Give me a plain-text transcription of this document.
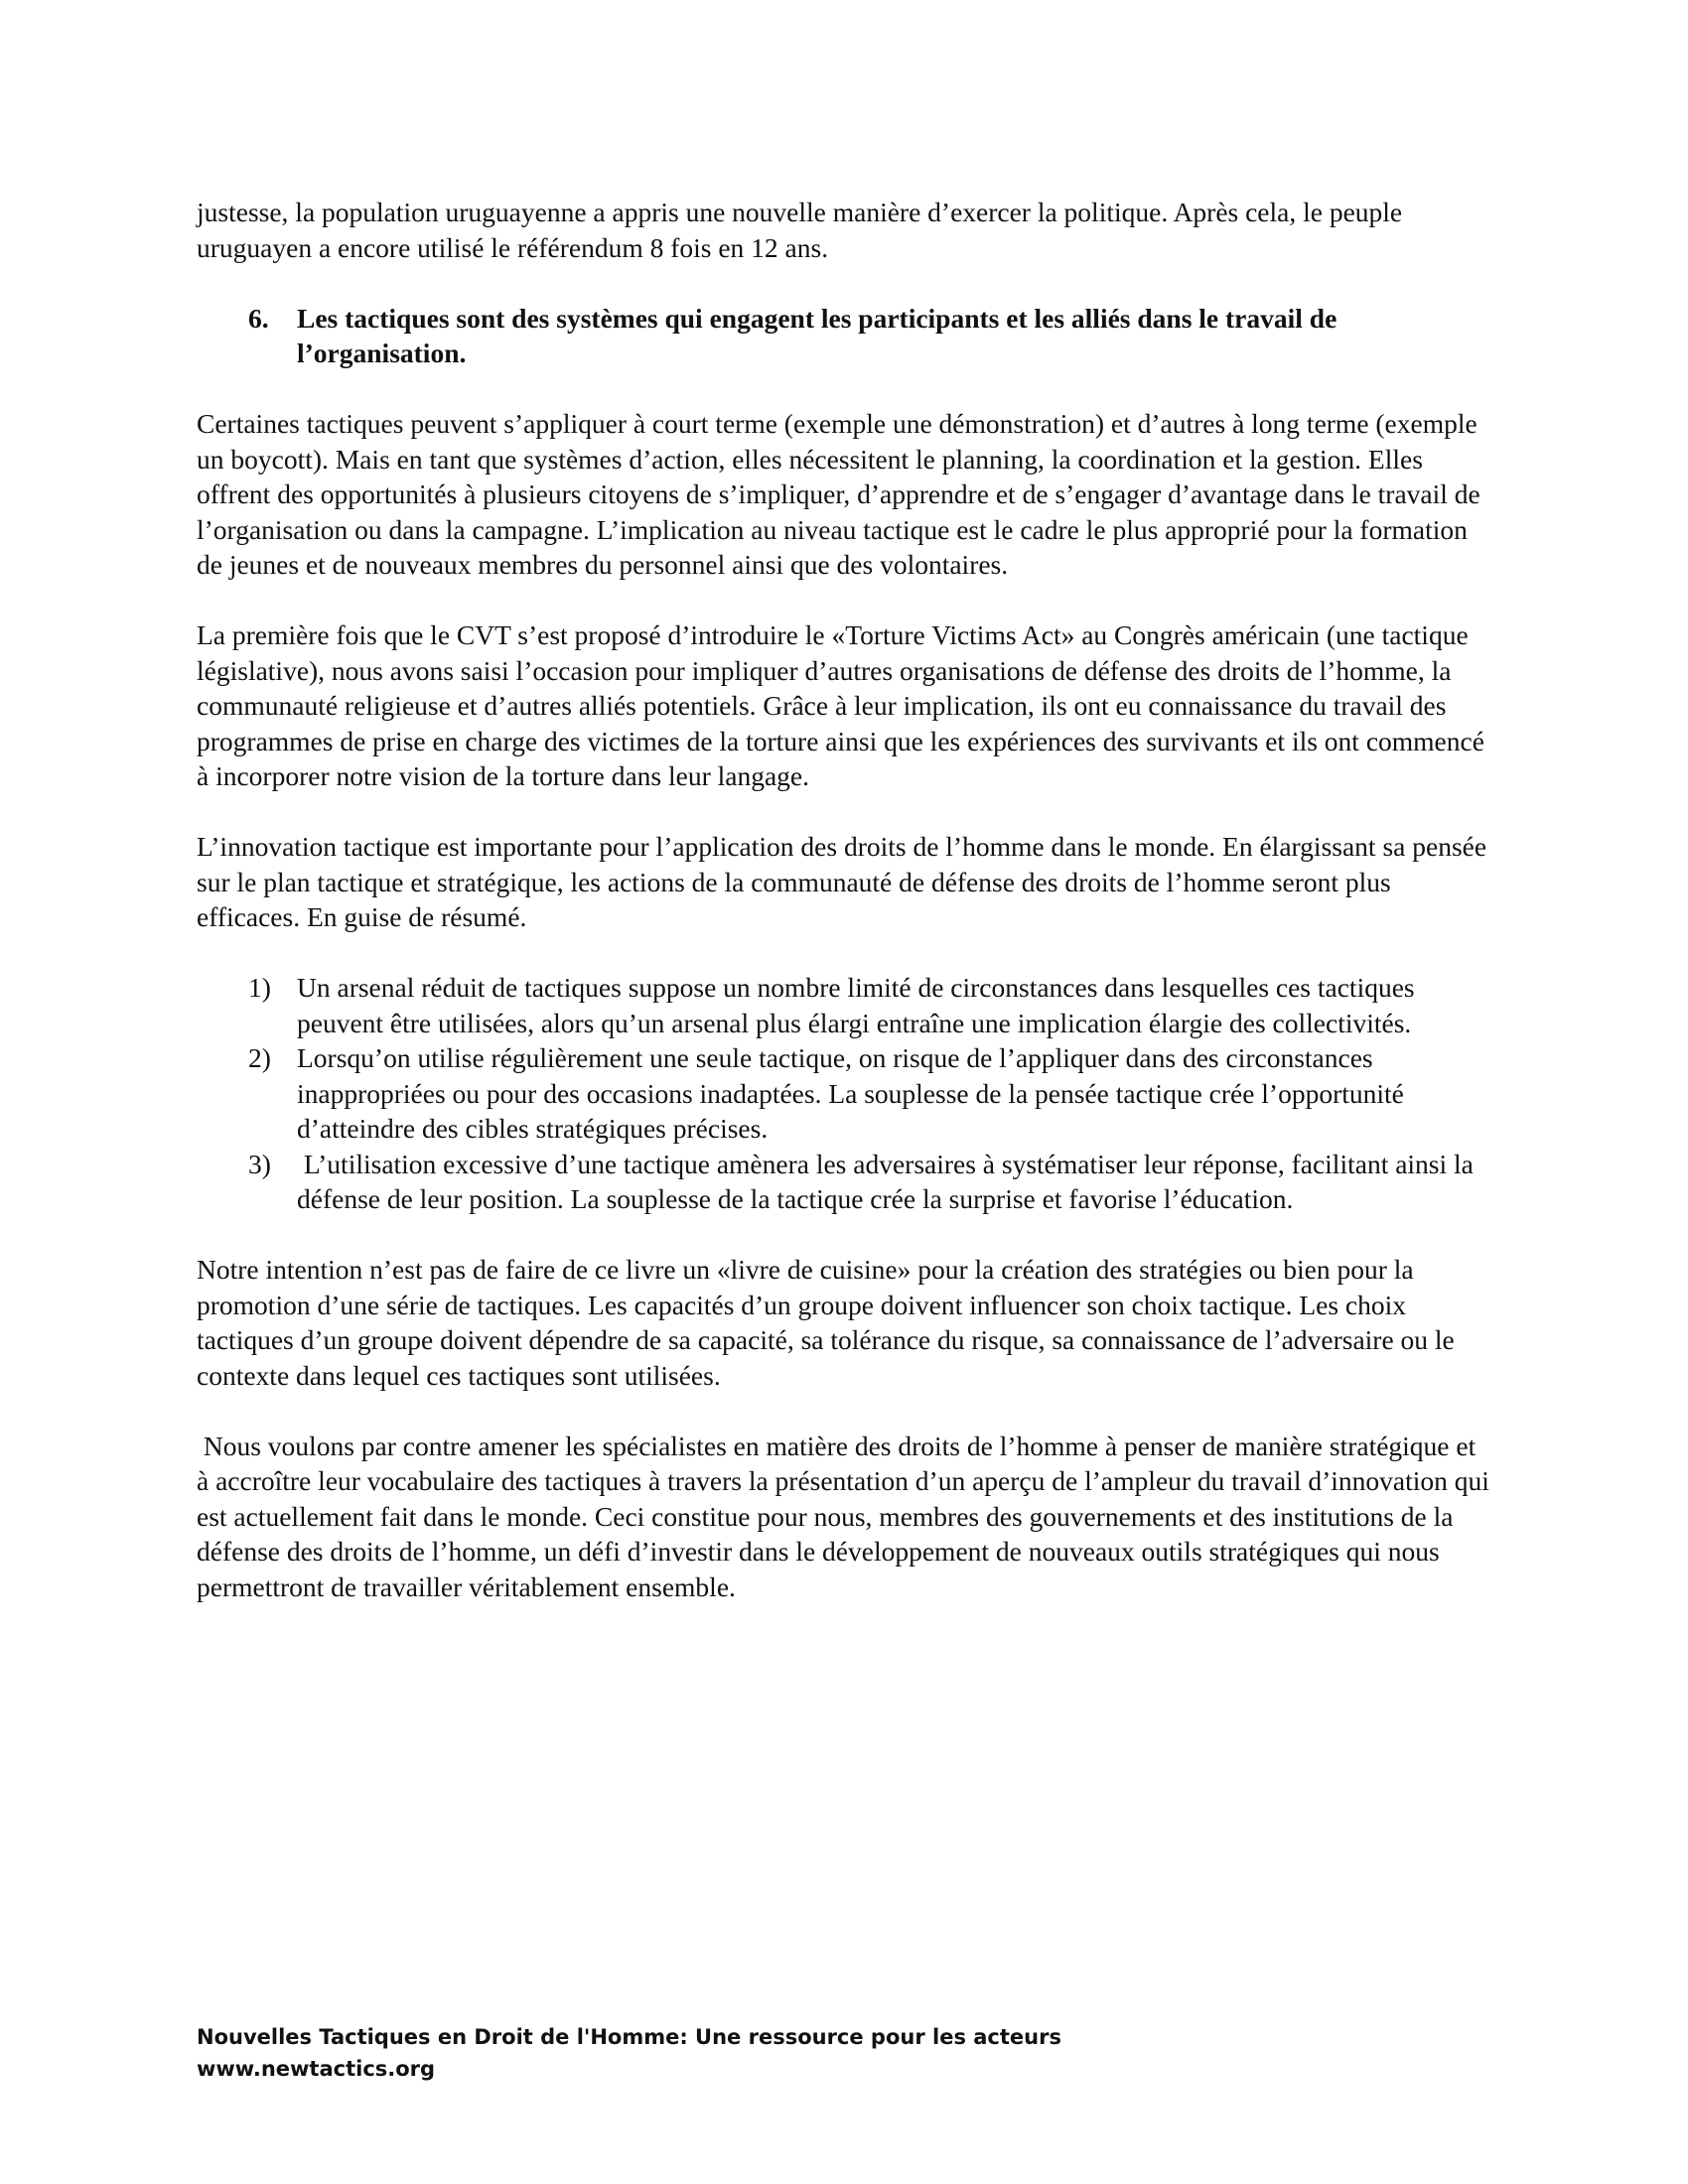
justesse, la population uruguayenne a appris une nouvelle manière d’exercer la politique. Après cela, le peuple uruguayen a encore utilisé le référendum 8 fois en 12 ans.

6.	Les tactiques sont des systèmes qui engagent les participants et les alliés dans le travail de l’organisation.

Certaines tactiques peuvent s’appliquer à court terme (exemple une démonstration) et d’autres à long terme (exemple un boycott). Mais en tant que systèmes d’action, elles nécessitent le planning, la coordination et la gestion. Elles offrent des opportunités à plusieurs citoyens de s’impliquer, d’apprendre et de s’engager d’avantage dans le travail de l’organisation ou dans la campagne. L’implication au niveau tactique est le cadre le plus approprié pour la formation de jeunes et de nouveaux membres du personnel ainsi que des volontaires.

La première fois que le CVT s’est proposé d’introduire le «Torture Victims Act» au Congrès américain (une tactique législative), nous avons saisi l’occasion pour impliquer d’autres organisations de défense des droits de l’homme, la communauté religieuse et d’autres alliés potentiels. Grâce à leur implication, ils ont eu connaissance du travail des programmes de prise en charge des victimes de la torture ainsi que les expériences des survivants et ils ont commencé à incorporer notre vision de la torture dans leur langage.

L’innovation tactique est importante pour l’application des droits de l’homme dans le monde. En élargissant sa pensée sur le plan tactique et stratégique, les actions de la communauté de défense des droits de l’homme seront plus efficaces. En guise de résumé.

1) Un arsenal réduit de tactiques suppose un nombre limité de circonstances dans lesquelles ces tactiques peuvent être utilisées, alors qu’un arsenal plus élargi entraîne une implication élargie des collectivités.
2) Lorsqu’on utilise régulièrement une seule tactique, on risque de l’appliquer dans des circonstances inappropriées ou pour des occasions inadaptées. La souplesse de la pensée tactique crée l’opportunité d’atteindre des cibles stratégiques précises.
3) L’utilisation excessive d’une tactique amènera les adversaires à systématiser leur réponse, facilitant ainsi la défense de leur position. La souplesse de la tactique crée la surprise et favorise l’éducation.

Notre intention n’est pas de faire de ce livre un «livre de cuisine» pour la création des stratégies ou bien pour la promotion d’une série de tactiques. Les capacités d’un groupe doivent influencer son choix tactique. Les choix tactiques d’un groupe doivent dépendre de sa capacité, sa tolérance du risque, sa connaissance de l’adversaire ou le contexte dans lequel ces tactiques sont utilisées.

Nous voulons par contre amener les spécialistes en matière des droits de l’homme à penser de manière stratégique et à accroître leur vocabulaire des tactiques à travers la présentation d’un aperçu de l’ampleur du travail d’innovation qui est actuellement fait dans le monde. Ceci constitue pour nous, membres des gouvernements et des institutions de la défense des droits de l’homme, un défi d’investir dans le développement de nouveaux outils stratégiques qui nous permettront de travailler véritablement ensemble.

Nouvelles Tactiques en Droit de l'Homme: Une ressource pour les acteurs
www.newtactics.org
